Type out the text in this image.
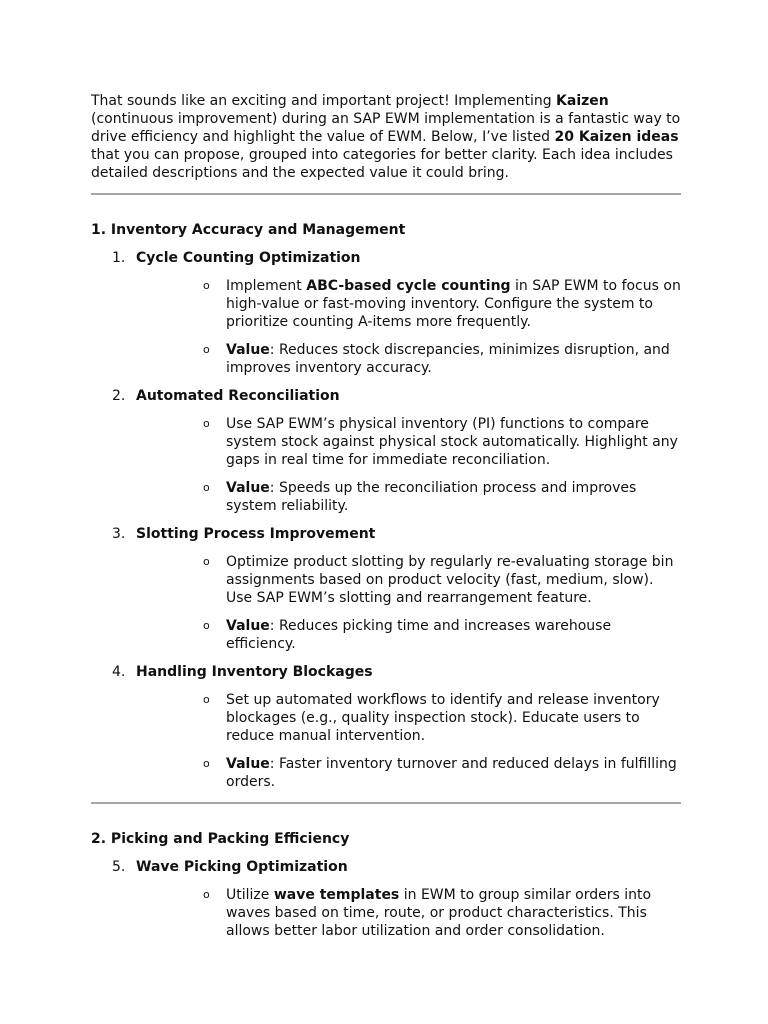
That sounds like an exciting and important project! Implementing Kaizen (continuous improvement) during an SAP EWM implementation is a fantastic way to drive efficiency and highlight the value of EWM. Below, I’ve listed 20 Kaizen ideas that you can propose, grouped into categories for better clarity. Each idea includes detailed descriptions and the expected value it could bring.

1. Inventory Accuracy and Management
1. Cycle Counting Optimization
o Implement ABC-based cycle counting in SAP EWM to focus on high-value or fast-moving inventory. Configure the system to prioritize counting A-items more frequently.
o Value: Reduces stock discrepancies, minimizes disruption, and improves inventory accuracy.
2. Automated Reconciliation
o Use SAP EWM’s physical inventory (PI) functions to compare system stock against physical stock automatically. Highlight any gaps in real time for immediate reconciliation.
o Value: Speeds up the reconciliation process and improves system reliability.
3. Slotting Process Improvement
o Optimize product slotting by regularly re-evaluating storage bin assignments based on product velocity (fast, medium, slow). Use SAP EWM’s slotting and rearrangement feature.
o Value: Reduces picking time and increases warehouse efficiency.
4. Handling Inventory Blockages
o Set up automated workflows to identify and release inventory blockages (e.g., quality inspection stock). Educate users to reduce manual intervention.
o Value: Faster inventory turnover and reduced delays in fulfilling orders.
2. Picking and Packing Efficiency
5. Wave Picking Optimization
o Utilize wave templates in EWM to group similar orders into waves based on time, route, or product characteristics. This allows better labor utilization and order consolidation.
